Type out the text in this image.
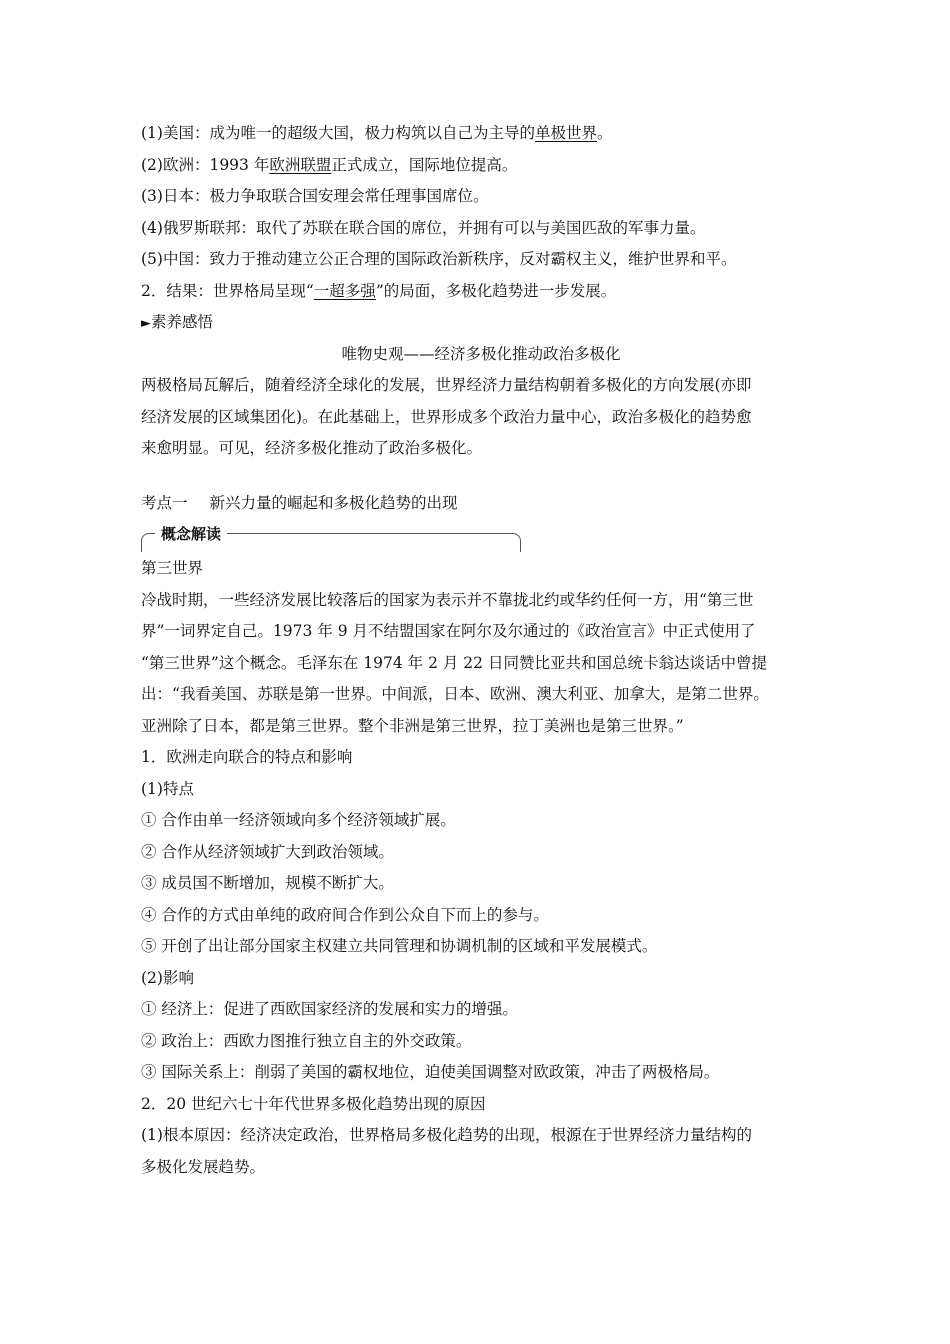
(1)美国：成为唯一的超级大国，极力构筑以自己为主导的单极世界。
(2)欧洲：1993 年欧洲联盟正式成立，国际地位提高。
(3)日本：极力争取联合国安理会常任理事国席位。
(4)俄罗斯联邦：取代了苏联在联合国的席位，并拥有可以与美国匹敌的军事力量。
(5)中国：致力于推动建立公正合理的国际政治新秩序，反对霸权主义，维护世界和平。
2．结果：世界格局呈现“一超多强”的局面，多极化趋势进一步发展。
►素养感悟
唯物史观——经济多极化推动政治多极化
两极格局瓦解后，随着经济全球化的发展，世界经济力量结构朝着多极化的方向发展(亦即
经济发展的区域集团化)。在此基础上，世界形成多个政治力量中心，政治多极化的趋势愈
来愈明显。可见，经济多极化推动了政治多极化。
考点一 新兴力量的崛起和多极化趋势的出现
概念解读
第三世界
冷战时期，一些经济发展比较落后的国家为表示并不靠拢北约或华约任何一方，用“第三世
界”一词界定自己。1973 年 9 月不结盟国家在阿尔及尔通过的《政治宣言》中正式使用了
“第三世界”这个概念。毛泽东在 1974 年 2 月 22 日同赞比亚共和国总统卡翁达谈话中曾提
出：“我看美国、苏联是第一世界。中间派，日本、欧洲、澳大利亚、加拿大，是第二世界。
亚洲除了日本，都是第三世界。整个非洲是第三世界，拉丁美洲也是第三世界。”
1．欧洲走向联合的特点和影响
(1)特点
① 合作由单一经济领域向多个经济领域扩展。
② 合作从经济领域扩大到政治领域。
③ 成员国不断增加，规模不断扩大。
④ 合作的方式由单纯的政府间合作到公众自下而上的参与。
⑤ 开创了出让部分国家主权建立共同管理和协调机制的区域和平发展模式。
(2)影响
① 经济上：促进了西欧国家经济的发展和实力的增强。
② 政治上：西欧力图推行独立自主的外交政策。
③ 国际关系上：削弱了美国的霸权地位，迫使美国调整对欧政策，冲击了两极格局。
2．20 世纪六七十年代世界多极化趋势出现的原因
(1)根本原因：经济决定政治，世界格局多极化趋势的出现，根源在于世界经济力量结构的
多极化发展趋势。
